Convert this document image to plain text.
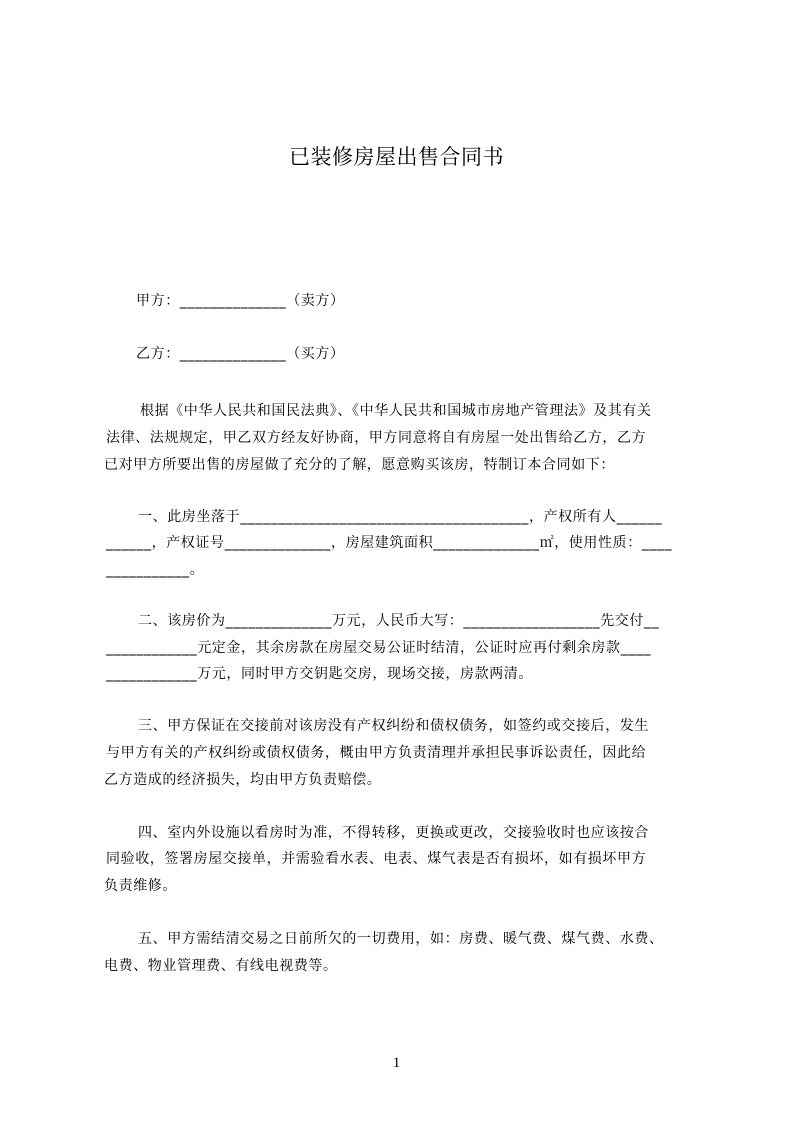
已装修房屋出售合同书
甲方：______________（卖方）
乙方：______________（买方）
根据《中华人民共和国民法典》、《中华人民共和国城市房地产管理法》及其有关
法律、法规规定，甲乙双方经友好协商，甲方同意将自有房屋一处出售给乙方，乙方
已对甲方所要出售的房屋做了充分的了解，愿意购买该房，特制订本合同如下：
一、此房坐落于______________________________________，产权所有人______
______，产权证号______________，房屋建筑面积______________㎡，使用性质：____
___________。
二、该房价为______________万元，人民币大写：__________________先交付__
____________元定金，其余房款在房屋交易公证时结清，公证时应再付剩余房款____
____________万元，同时甲方交钥匙交房，现场交接，房款两清。
三、甲方保证在交接前对该房没有产权纠纷和债权债务，如签约或交接后，发生
与甲方有关的产权纠纷或债权债务，概由甲方负责清理并承担民事诉讼责任，因此给
乙方造成的经济损失，均由甲方负责赔偿。
四、室内外设施以看房时为准，不得转移，更换或更改，交接验收时也应该按合
同验收，签署房屋交接单，并需验看水表、电表、煤气表是否有损坏，如有损坏甲方
负责维修。
五、甲方需结清交易之日前所欠的一切费用，如：房费、暖气费、煤气费、水费、
电费、物业管理费、有线电视费等。
1
